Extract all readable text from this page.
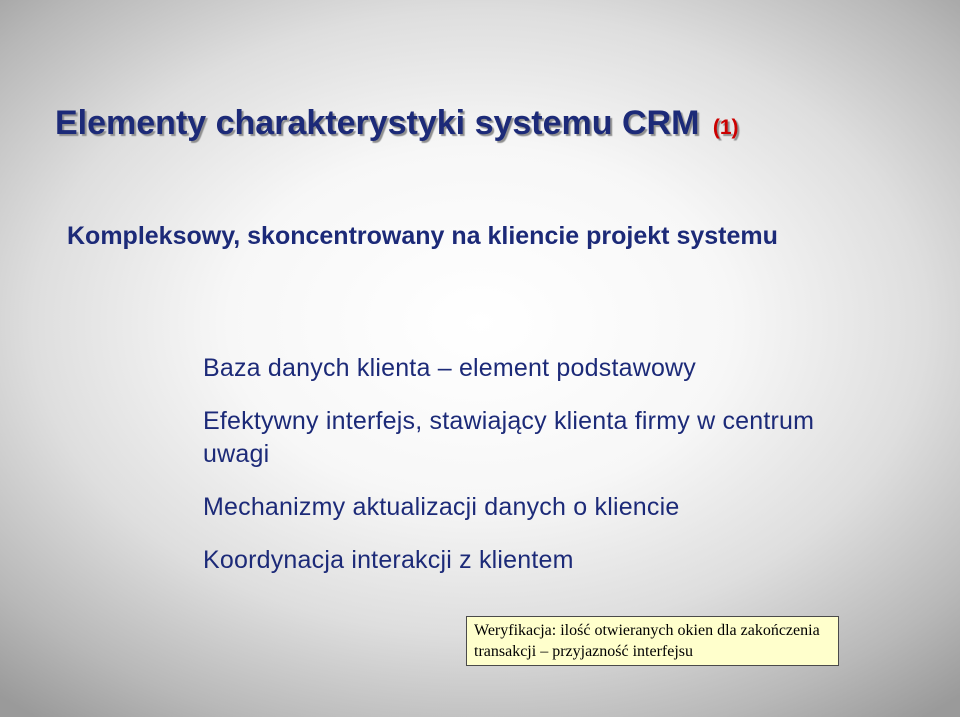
Elementy charakterystyki systemu CRM (1)

Kompleksowy, skoncentrowany na kliencie projekt systemu

Baza danych klienta – element podstawowy
Efektywny interfejs, stawiający klienta firmy w centrum uwagi
Mechanizmy aktualizacji danych o kliencie
Koordynacja interakcji z klientem
Weryfikacja: ilość otwieranych okien dla zakończenia transakcji – przyjazność interfejsu
